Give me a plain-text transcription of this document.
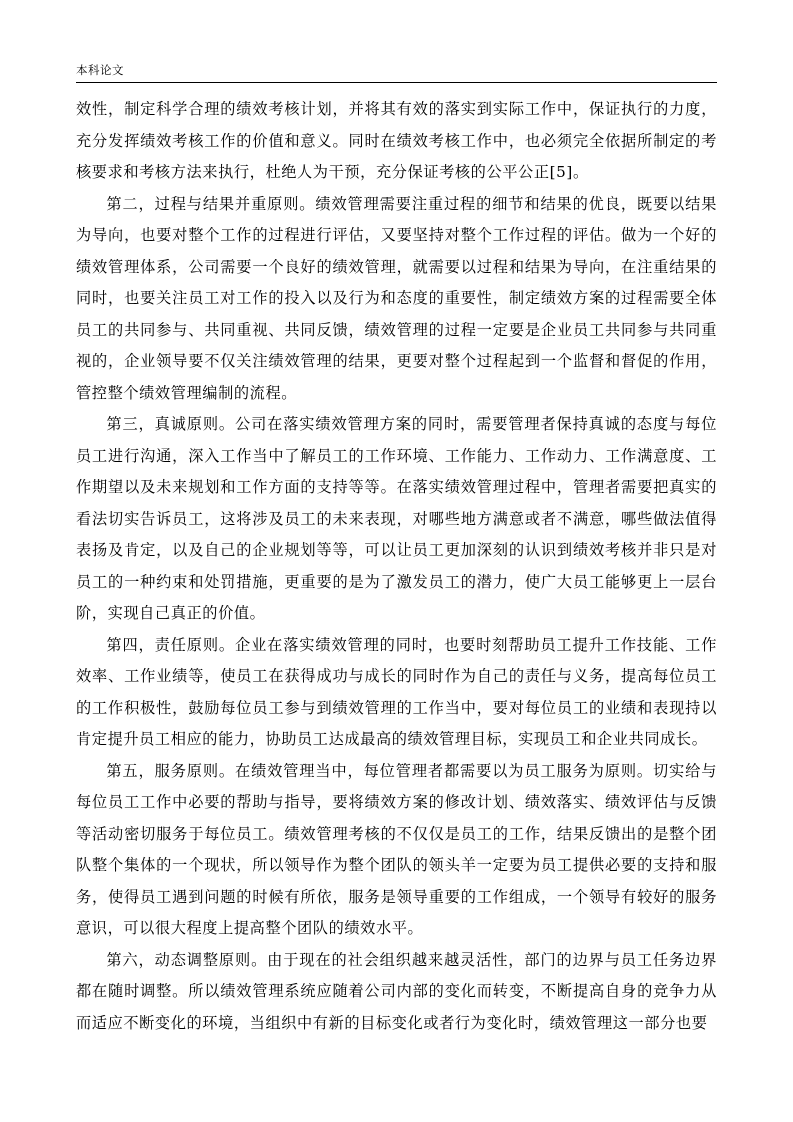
本科论文

效性，制定科学合理的绩效考核计划，并将其有效的落实到实际工作中，保证执行的力度，充分发挥绩效考核工作的价值和意义。同时在绩效考核工作中，也必须完全依据所制定的考核要求和考核方法来执行，杜绝人为干预，充分保证考核的公平公正[5]。

第二，过程与结果并重原则。绩效管理需要注重过程的细节和结果的优良，既要以结果为导向，也要对整个工作的过程进行评估，又要坚持对整个工作过程的评估。做为一个好的绩效管理体系，公司需要一个良好的绩效管理，就需要以过程和结果为导向，在注重结果的同时，也要关注员工对工作的投入以及行为和态度的重要性，制定绩效方案的过程需要全体员工的共同参与、共同重视、共同反馈，绩效管理的过程一定要是企业员工共同参与共同重视的，企业领导要不仅关注绩效管理的结果，更要对整个过程起到一个监督和督促的作用，管控整个绩效管理编制的流程。

第三，真诚原则。公司在落实绩效管理方案的同时，需要管理者保持真诚的态度与每位员工进行沟通，深入工作当中了解员工的工作环境、工作能力、工作动力、工作满意度、工作期望以及未来规划和工作方面的支持等等。在落实绩效管理过程中，管理者需要把真实的看法切实告诉员工，这将涉及员工的未来表现，对哪些地方满意或者不满意，哪些做法值得表扬及肯定，以及自己的企业规划等等，可以让员工更加深刻的认识到绩效考核并非只是对员工的一种约束和处罚措施，更重要的是为了激发员工的潜力，使广大员工能够更上一层台阶，实现自己真正的价值。

第四，责任原则。企业在落实绩效管理的同时，也要时刻帮助员工提升工作技能、工作效率、工作业绩等，使员工在获得成功与成长的同时作为自己的责任与义务，提高每位员工的工作积极性，鼓励每位员工参与到绩效管理的工作当中，要对每位员工的业绩和表现持以肯定提升员工相应的能力，协助员工达成最高的绩效管理目标，实现员工和企业共同成长。

第五，服务原则。在绩效管理当中，每位管理者都需要以为员工服务为原则。切实给与每位员工工作中必要的帮助与指导，要将绩效方案的修改计划、绩效落实、绩效评估与反馈等活动密切服务于每位员工。绩效管理考核的不仅仅是员工的工作，结果反馈出的是整个团队整个集体的一个现状，所以领导作为整个团队的领头羊一定要为员工提供必要的支持和服务，使得员工遇到问题的时候有所依，服务是领导重要的工作组成，一个领导有较好的服务意识，可以很大程度上提高整个团队的绩效水平。

第六，动态调整原则。由于现在的社会组织越来越灵活性，部门的边界与员工任务边界都在随时调整。所以绩效管理系统应随着公司内部的变化而转变，不断提高自身的竞争力从而适应不断变化的环境，当组织中有新的目标变化或者行为变化时，绩效管理这一部分也要
